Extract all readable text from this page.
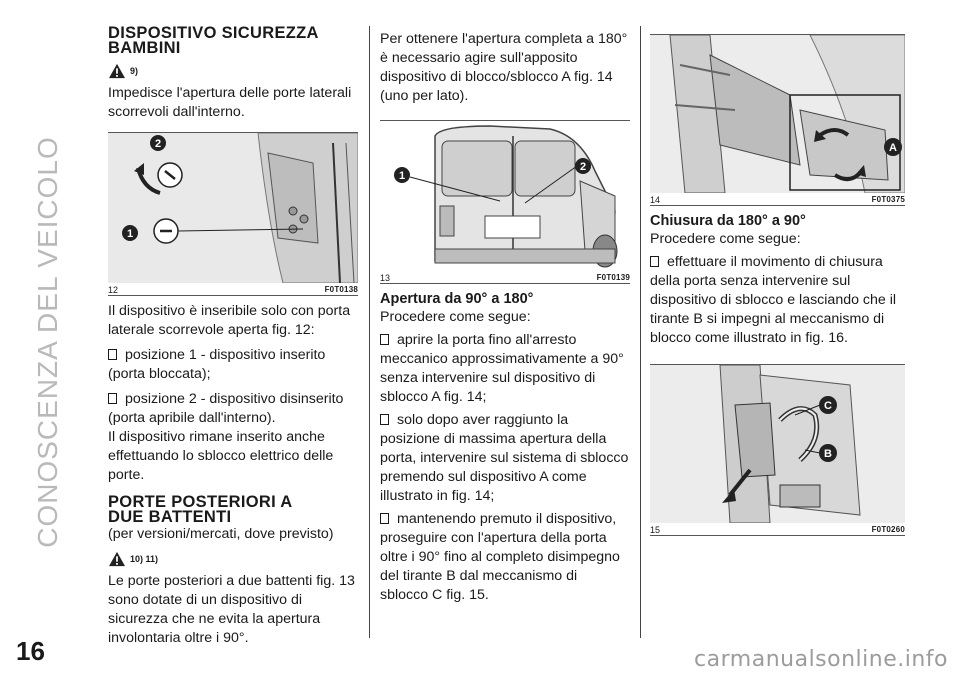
CONOSCENZA DEL VEICOLO
DISPOSITIVO SICUREZZA
BAMBINI
9)

Impedisce l'apertura delle porte laterali
scorrevoli dall'interno.

2
1
12	F0T0138

Il dispositivo è inseribile solo con porta
laterale scorrevole aperta fig. 12:

posizione 1 - dispositivo inserito
(porta bloccata);

posizione 2 - dispositivo disinserito
(porta apribile dall'interno).

Il dispositivo rimane inserito anche
effettuando lo sblocco elettrico delle
porte.

PORTE POSTERIORI A
DUE BATTENTI

(per versioni/mercati, dove previsto)

10) 11)

Le porte posteriori a due battenti fig. 13
sono dotate di un dispositivo di
sicurezza che ne evita la apertura
involontaria oltre i 90°.

Per ottenere l'apertura completa a 180°
è necessario agire sull'apposito
dispositivo di blocco/sblocco A fig. 14
(uno per lato).

1
2
13	F0T0139
Apertura da 90° a 180°

Procedere come segue:

aprire la porta fino all'arresto
meccanico approssimativamente a 90°
senza intervenire sul dispositivo di
sblocco A fig. 14;

solo dopo aver raggiunto la
posizione di massima apertura della
porta, intervenire sul sistema di sblocco
premendo sul dispositivo A come
illustrato in fig. 14;

mantenendo premuto il dispositivo,
proseguire con l'apertura della porta
oltre i 90° fino al completo disimpegno
del tirante B dal meccanismo di
sblocco C fig. 15.

A
14	F0T0375
Chiusura da 180° a 90°

Procedere come segue:

effettuare il movimento di chiusura
della porta senza intervenire sul
dispositivo di sblocco e lasciando che il
tirante B si impegni al meccanismo di
blocco come illustrato in fig. 16.

C
B
15	F0T0260
16	carmanualsonline.info
